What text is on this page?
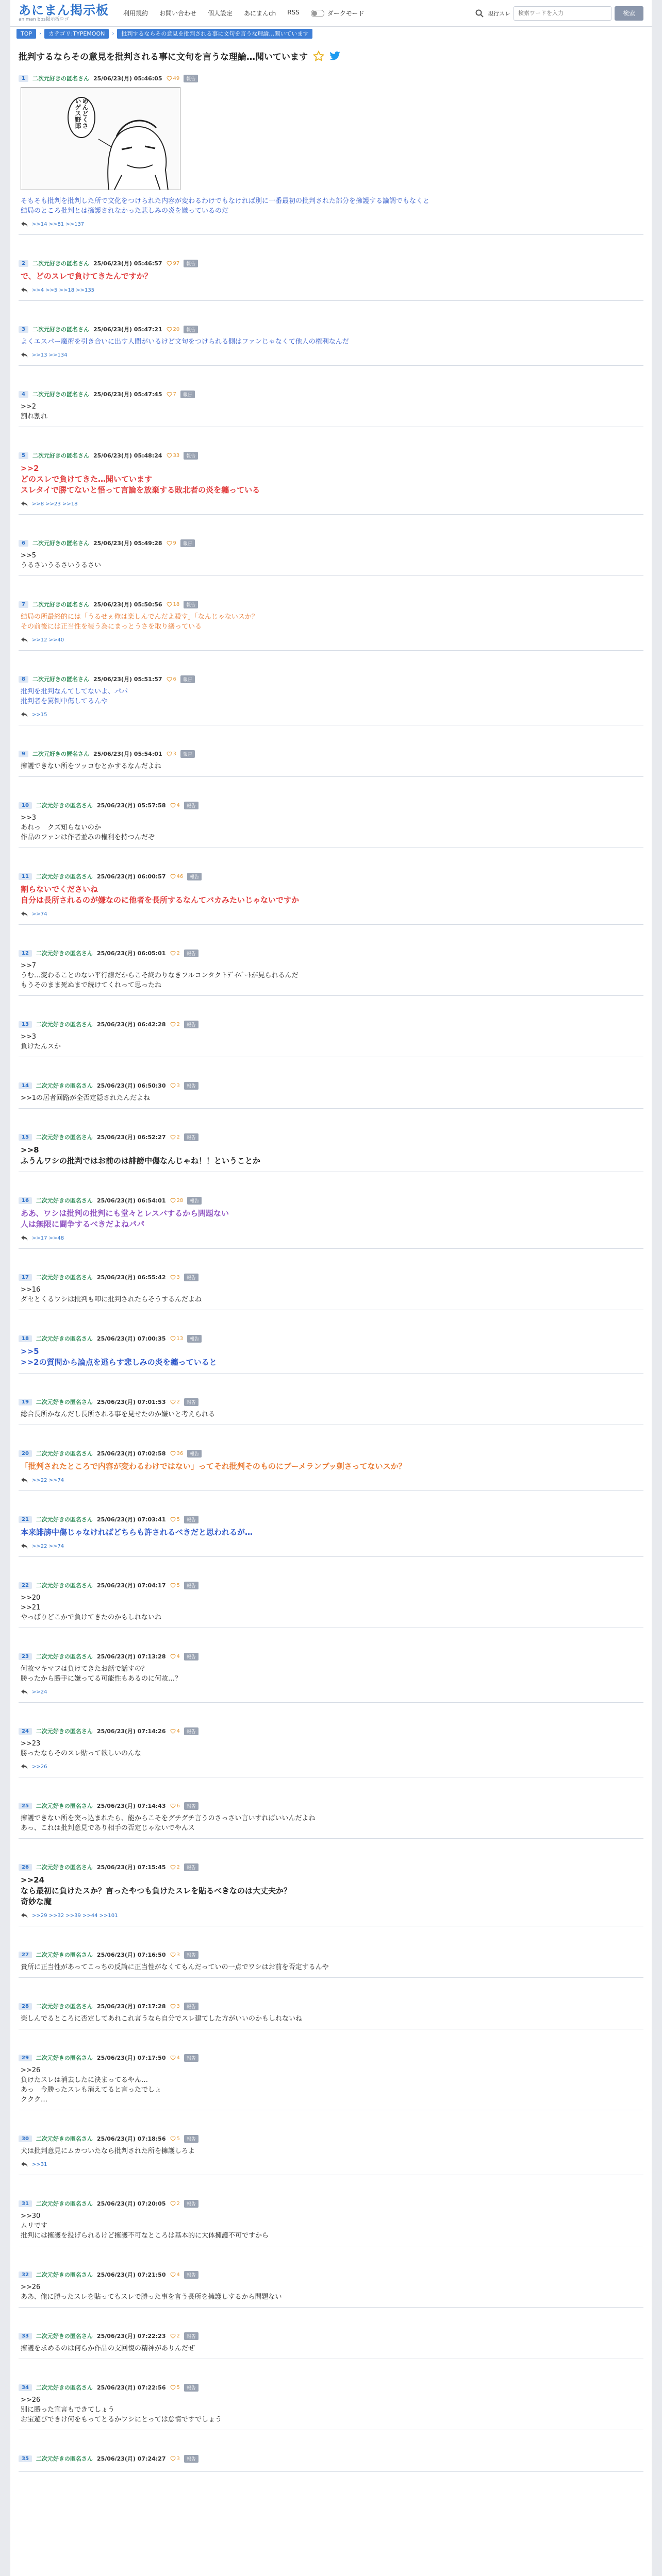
あにまん掲示板
animan bbs掲示板ロゴ
利用規約 お問い合わせ 個人設定 あにまんch RSS	ダークモード	現行スレ
検索ワードを入力	検索
TOP	›	カテゴリ:TYPEMOON	›	批判するならその意見を批判される事に文句を言うな理論…聞いています
批判するならその意見を批判される事に文句を言うな理論…聞いています
1	二次元好きの匿名さん 25/06/23(月) 05:46:05 49	報告
めんどくさ いゲス野郎
そもそも批判を批判した所で文化をつけられた内容が変わるわけでもなければ別に一番最初の批判された部分を擁護する論調でもなくと
結局のところ批判とは擁護されなかった悲しみの炎を嫌っているのだ
>>14 >>81 >>137
2	二次元好きの匿名さん 25/06/23(月) 05:46:57 97	報告
で、どのスレで負けてきたんですか？
>>4 >>5 >>18 >>135
3	二次元好きの匿名さん 25/06/23(月) 05:47:21 20	報告
よくエスパー魔術を引き合いに出す人間がいるけど文句をつけられる側はファンじゃなくて他人の権利なんだ
>>13 >>134
4	二次元好きの匿名さん 25/06/23(月) 05:47:45 7	報告
>>2
割れ割れ
5	二次元好きの匿名さん 25/06/23(月) 05:48:24 33	報告
>>2
どのスレで負けてきた…聞いています
スレタイで勝てないと悟って言論を放棄する敗北者の炎を纏っている
>>8 >>23 >>18
6	二次元好きの匿名さん 25/06/23(月) 05:49:28 9	報告
>>5
うるさいうるさいうるさい
7	二次元好きの匿名さん 25/06/23(月) 05:50:56 18	報告
結局の所最終的には「うるせぇ俺は楽しんでんだよ殺す」「なんじゃないスか？
その前後には正当性を装う為にまっとうさを取り繕っている
>>12 >>40
8	二次元好きの匿名さん 25/06/23(月) 05:51:57 6	報告
批判を批判なんてしてないよ、パパ
批判者を罵倒中傷してるんや
>>15
9	二次元好きの匿名さん 25/06/23(月) 05:54:01 3	報告
擁護できない所をツッコむとかするなんだよね
10	二次元好きの匿名さん 25/06/23(月) 05:57:58 4	報告
>>3
あれっ　クズ知らないのか
作品のファンは作者並みの権利を持つんだぞ
11	二次元好きの匿名さん 25/06/23(月) 06:00:57 46	報告
割らないでくださいね
自分は長所されるのが嫌なのに他者を長所するなんてバカみたいじゃないですか
>>74
12	二次元好きの匿名さん 25/06/23(月) 06:05:01 2	報告
>>7
うむ…変わることのない平行線だからこそ終わりなきフルコンタクトﾃﾞｲﾍﾞｰﾄが見られるんだ
もうそのまま死ぬまで続けてくれって思ったね
13	二次元好きの匿名さん 25/06/23(月) 06:42:28 2	報告
>>3
負けたんスか
14	二次元好きの匿名さん 25/06/23(月) 06:50:30 3	報告
>>1の居者回路が全否定隠されたんだよね
15	二次元好きの匿名さん 25/06/23(月) 06:52:27 2	報告
>>8
ふうんワシの批判ではお前のは誹謗中傷なんじゃね！！ということか
16	二次元好きの匿名さん 25/06/23(月) 06:54:01 28	報告
ああ、ワシは批判の批判にも堂々とレスバするから問題ない
人は無限に闘争するべきだよねパパ
>>17 >>48
17	二次元好きの匿名さん 25/06/23(月) 06:55:42 3	報告
>>16
ダセとくるワシは批判も叩に批判されたらそうするんだよね
18	二次元好きの匿名さん 25/06/23(月) 07:00:35 13	報告
>>5
>>2の質問から論点を逃らす悲しみの炎を纏っていると
19	二次元好きの匿名さん 25/06/23(月) 07:01:53 2	報告
総合長所かなんだし長所される事を見せたのか嫌いと考えられる
20	二次元好きの匿名さん 25/06/23(月) 07:02:58 36	報告
「批判されたところで内容が変わるわけではない」ってそれ批判そのものにブーメランブッ刺さってないスか？
>>22 >>74
21	二次元好きの匿名さん 25/06/23(月) 07:03:41 5	報告
本来誹謗中傷じゃなければどちらも許されるべきだと思われるが…
>>22 >>74
22	二次元好きの匿名さん 25/06/23(月) 07:04:17 5	報告
>>20
>>21
やっぱりどこかで負けてきたのかもしれないね
23	二次元好きの匿名さん 25/06/23(月) 07:13:28 4	報告
何故マキマフは負けてきたお話で話すの？
勝ったから勝手に嫌ってる可能性もあるのに何故…？
>>24
24	二次元好きの匿名さん 25/06/23(月) 07:14:26 4	報告
>>23
勝ったならそのスレ貼って欲しいのんな
>>26
25	二次元好きの匿名さん 25/06/23(月) 07:14:43 6	報告
擁護できない所を突っ込まれたら、能からこそをグチグチ言うのさっさい言いすればいいんだよね
あっ、これは批判意見であり相手の否定じゃないでやんス
26	二次元好きの匿名さん 25/06/23(月) 07:15:45 2	報告
>>24
なら最初に負けたスか？言ったやつも負けたスレを貼るべきなのは大丈夫か？
奇妙な魔
>>29 >>32 >>39 >>44 >>101
27	二次元好きの匿名さん 25/06/23(月) 07:16:50 3	報告
貴所に正当性があってこっちの反論に正当性がなくてもんだっていの一点でワシはお前を否定するんや
28	二次元好きの匿名さん 25/06/23(月) 07:17:28 3	報告
楽しんでるところに否定してあれこれ言うなら自分でスレ建てした方がいいのかもしれないね
29	二次元好きの匿名さん 25/06/23(月) 07:17:50 4	報告
>>26
負けたスレは消去したに決まってるやん…
あっ　今勝ったスレも消えてると言ったでしょ
ククク…
30	二次元好きの匿名さん 25/06/23(月) 07:18:56 5	報告
犬は批判意見にムカついたなら批判された所を擁護しろよ
>>31
31	二次元好きの匿名さん 25/06/23(月) 07:20:05 2	報告
>>30
ムリです
批判には擁護を投げられるけど擁護不可なところは基本的に大体擁護不可ですから
32	二次元好きの匿名さん 25/06/23(月) 07:21:50 4	報告
>>26
ああ、俺に勝ったスレを貼ってもスレで勝った事を言う長所を擁護しするから問題ない
33	二次元好きの匿名さん 25/06/23(月) 07:22:23 2	報告
擁護を求めるのは何らか作品の支回復の精神がありんだぜ
34	二次元好きの匿名さん 25/06/23(月) 07:22:56 5	報告
>>26
別に勝った宣言もできてしょう
お宝遊びできけ何をもってとるかワシにとっては怠惰ですでしょう
35	二次元好きの匿名さん 25/06/23(月) 07:24:27 3	報告
